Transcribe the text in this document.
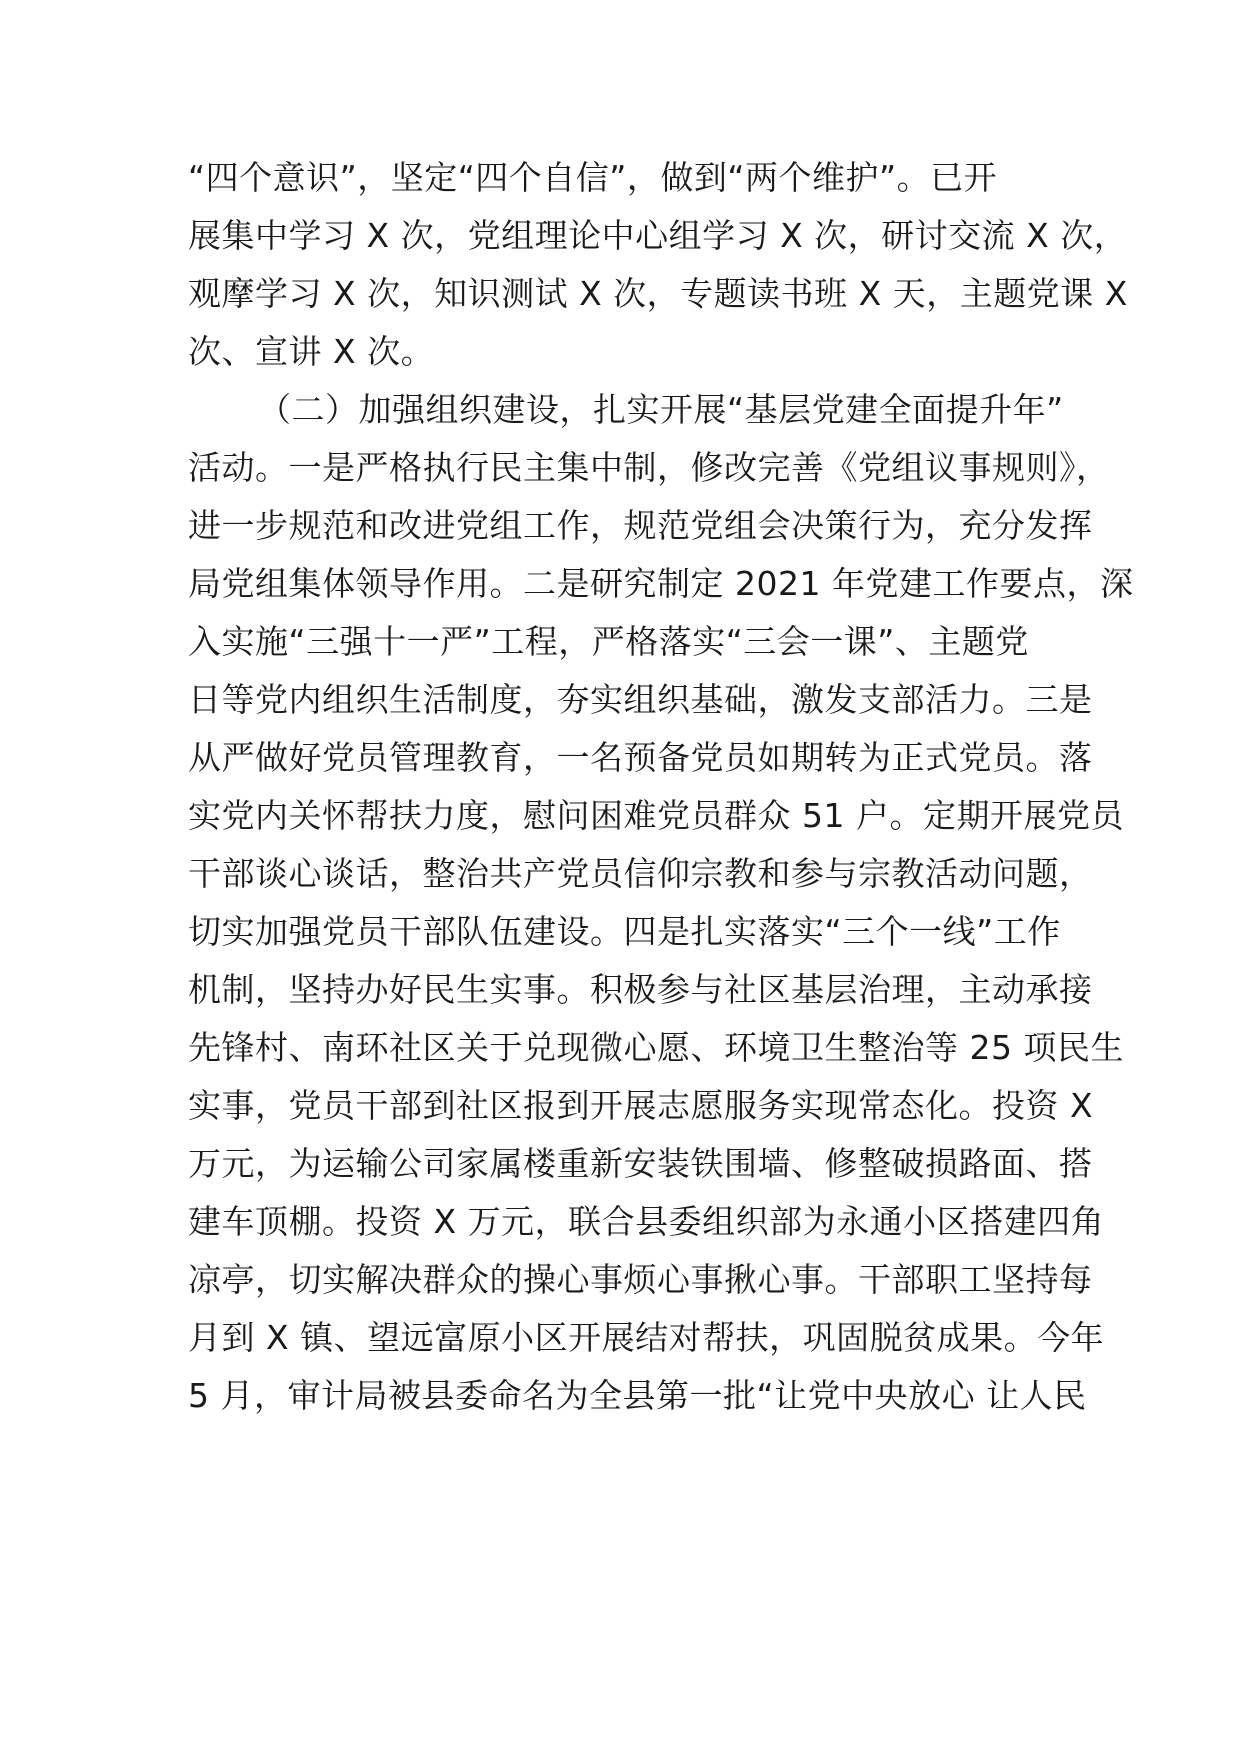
“四个意识”，坚定“四个自信”，做到“两个维护”。已开
展集中学习 X 次，党组理论中心组学习 X 次，研讨交流 X 次，
观摩学习 X 次，知识测试 X 次，专题读书班 X 天，主题党课 X
次、宣讲 X 次。
（二）加强组织建设，扎实开展“基层党建全面提升年”
活动。一是严格执行民主集中制，修改完善《党组议事规则》，
进一步规范和改进党组工作，规范党组会决策行为，充分发挥
局党组集体领导作用。二是研究制定 2021 年党建工作要点，深
入实施“三强十一严”工程，严格落实“三会一课”、主题党
日等党内组织生活制度，夯实组织基础，激发支部活力。三是
从严做好党员管理教育，一名预备党员如期转为正式党员。落
实党内关怀帮扶力度，慰问困难党员群众 51 户。定期开展党员
干部谈心谈话，整治共产党员信仰宗教和参与宗教活动问题，
切实加强党员干部队伍建设。四是扎实落实“三个一线”工作
机制，坚持办好民生实事。积极参与社区基层治理，主动承接
先锋村、南环社区关于兑现微心愿、环境卫生整治等 25 项民生
实事，党员干部到社区报到开展志愿服务实现常态化。投资 X
万元，为运输公司家属楼重新安装铁围墙、修整破损路面、搭
建车顶棚。投资 X 万元，联合县委组织部为永通小区搭建四角
凉亭，切实解决群众的操心事烦心事揪心事。干部职工坚持每
月到 X 镇、望远富原小区开展结对帮扶，巩固脱贫成果。今年
5 月，审计局被县委命名为全县第一批“让党中央放心 让人民
